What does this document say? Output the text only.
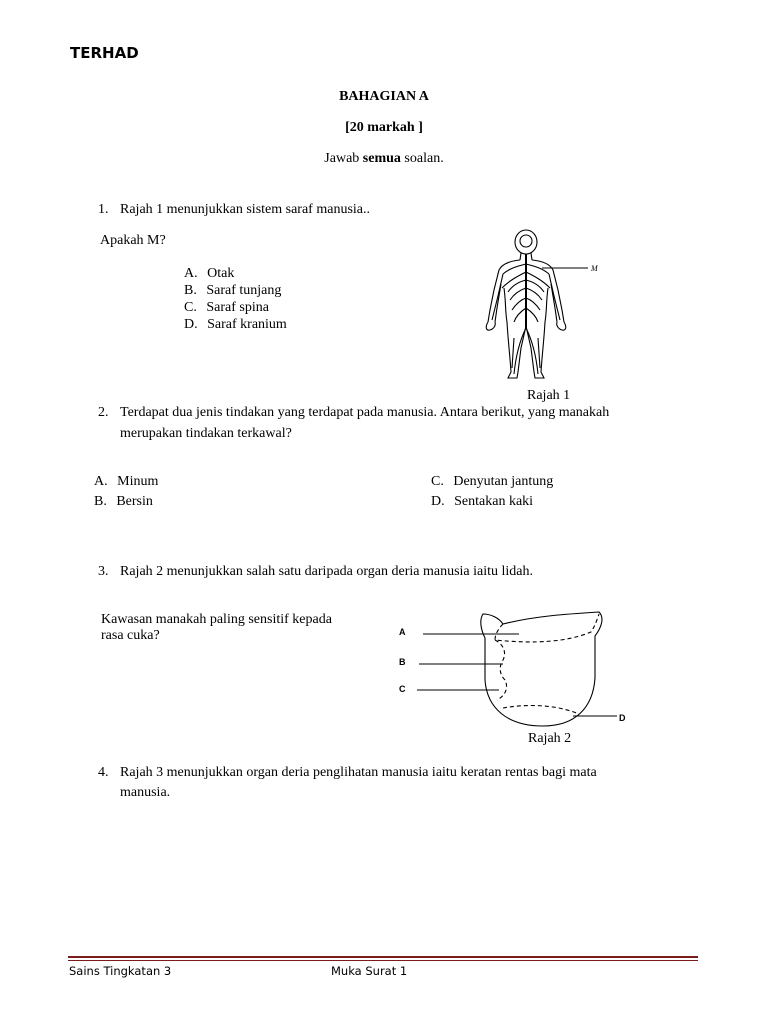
TERHAD
BAHAGIAN A
[20 markah ]
Jawab semua soalan.
1. Rajah 1 menunjukkan sistem saraf manusia..
Apakah M?
A. Otak
B. Saraf tunjang
C. Saraf spina
D. Saraf kranium
M
Rajah 1
2. Terdapat dua jenis tindakan yang terdapat pada manusia. Antara berikut, yang manakah
merupakan tindakan terkawal?
A. Minum
B. Bersin
C. Denyutan jantung
D. Sentakan kaki
3. Rajah 2 menunjukkan salah satu daripada organ deria manusia iaitu lidah.
Kawasan manakah paling sensitif kepada
rasa cuka?	A
B
C
D
Rajah 2
4. Rajah 3 menunjukkan organ deria penglihatan manusia iaitu keratan rentas bagi mata
manusia.
Sains Tingkatan 3	Muka Surat 1
